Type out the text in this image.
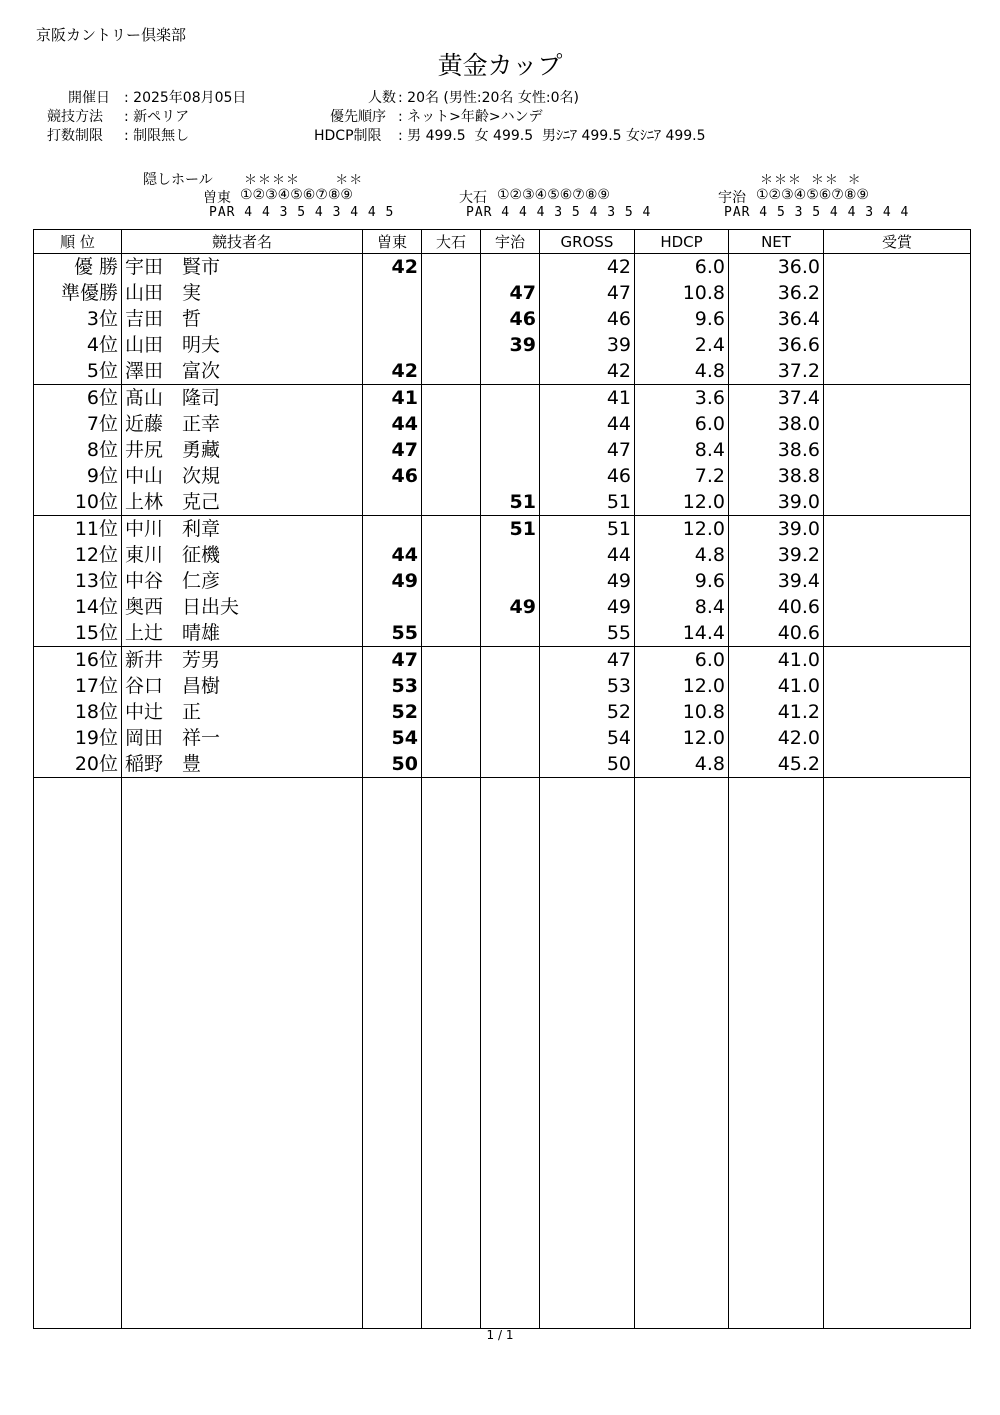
京阪カントリー倶楽部
黄金カップ
開催日 : 2025年08月05日
競技方法 : 新ペリア
打数制限 : 制限無し
人数 : 20名 (男性:20名 女性:0名)
優先順序 : ネット>年齢>ハンデ
HDCP制限 : 男 499.5  女 499.5  男ｼﾆｱ 499.5 女ｼﾆｱ 499.5
隠しホール ＊＊＊＊    ＊＊	＊＊＊ ＊＊ ＊
曽東 ①②③④⑤⑥⑦⑧⑨
PAR 4 4 3 5 4 3 4 4 5
大石 ①②③④⑤⑥⑦⑧⑨
PAR 4 4 4 3 5 4 3 5 4
宇治 ①②③④⑤⑥⑦⑧⑨
PAR 4 5 3 5 4 4 3 4 4
順 位	競技者名	曽東	大石	宇治	GROSS	HDCP	NET	受賞
優 勝	宇田　賢市	42			42	6.0	36.0	
準優勝	山田　実			47	47	10.8	36.2	
3位	吉田　哲			46	46	9.6	36.4	
4位	山田　明夫			39	39	2.4	36.6	
5位	澤田　富次	42			42	4.8	37.2	
6位	髙山　隆司	41			41	3.6	37.4	
7位	近藤　正幸	44			44	6.0	38.0	
8位	井尻　勇藏	47			47	8.4	38.6	
9位	中山　次規	46			46	7.2	38.8	
10位	上林　克己			51	51	12.0	39.0	
11位	中川　利章			51	51	12.0	39.0	
12位	東川　征機	44			44	4.8	39.2	
13位	中谷　仁彦	49			49	9.6	39.4	
14位	奥西　日出夫			49	49	8.4	40.6	
15位	上辻　晴雄	55			55	14.4	40.6	
16位	新井　芳男	47			47	6.0	41.0	
17位	谷口　昌樹	53			53	12.0	41.0	
18位	中辻　正	52			52	10.8	41.2	
19位	岡田　祥一	54			54	12.0	42.0	
20位	稲野　豊	50			50	4.8	45.2	

1 / 1
